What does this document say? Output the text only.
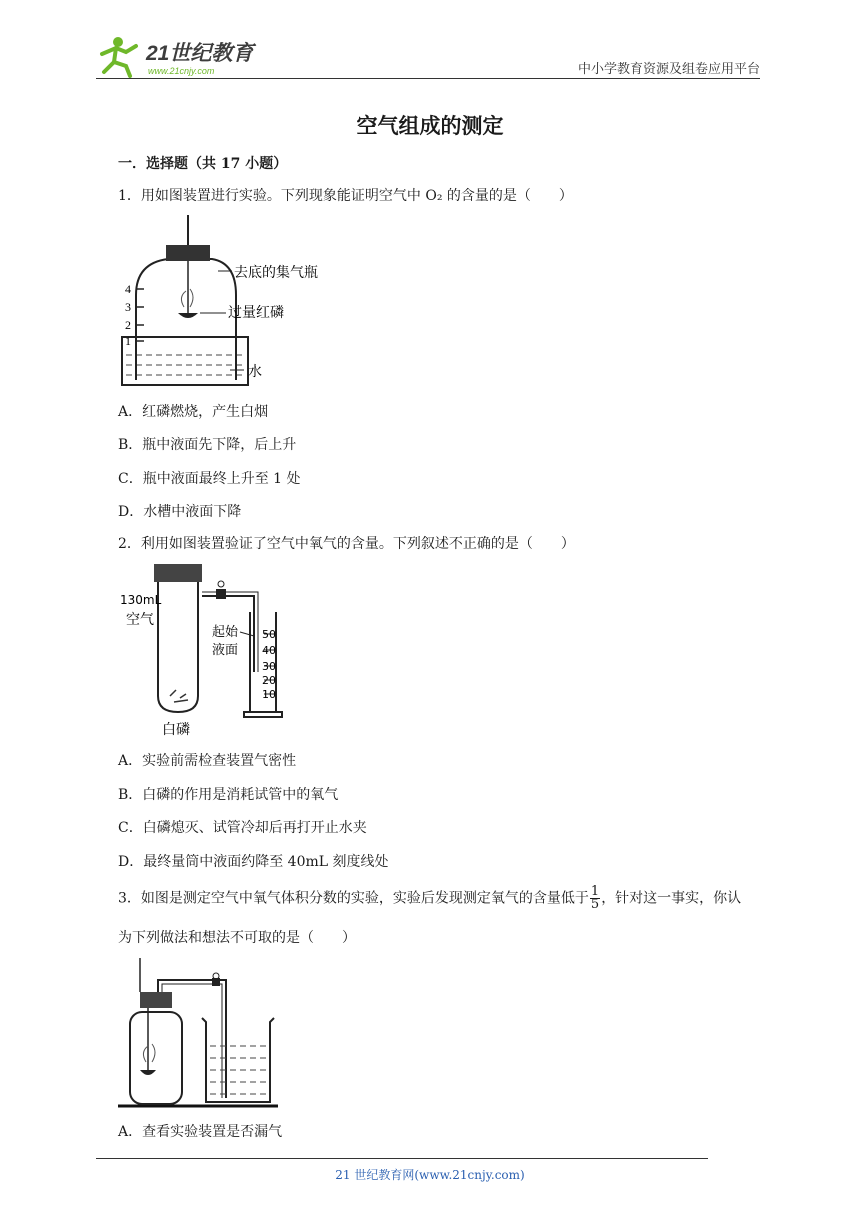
21世纪教育
www.21cnjy.com	中小学教育资源及组卷应用平台
空气组成的测定
一．选择题（共 17 小题）
1．用如图装置进行实验。下列现象能证明空气中 O₂ 的含量的是（　　）
4
3
2
1
去底的集气瓶
过量红磷
水
A．红磷燃烧，产生白烟
B．瓶中液面先下降，后上升
C．瓶中液面最终上升至 1 处
D．水槽中液面下降
2．利用如图装置验证了空气中氧气的含量。下列叙述不正确的是（　　）
50
40
30
20
10
130mL
空气
起始
液面
白磷
A．实验前需检查装置气密性
B．白磷的作用是消耗试管中的氧气
C．白磷熄灭、试管冷却后再打开止水夹
D．最终量筒中液面约降至 40mL 刻度线处
3．如图是测定空气中氧气体积分数的实验，实验后发现测定氧气的含量低于 $\frac{1}{5}$ ，针对这一事实，你认
为下列做法和想法不可取的是（　　）
A．查看实验装置是否漏气
21 世纪教育网(www.21cnjy.com)
